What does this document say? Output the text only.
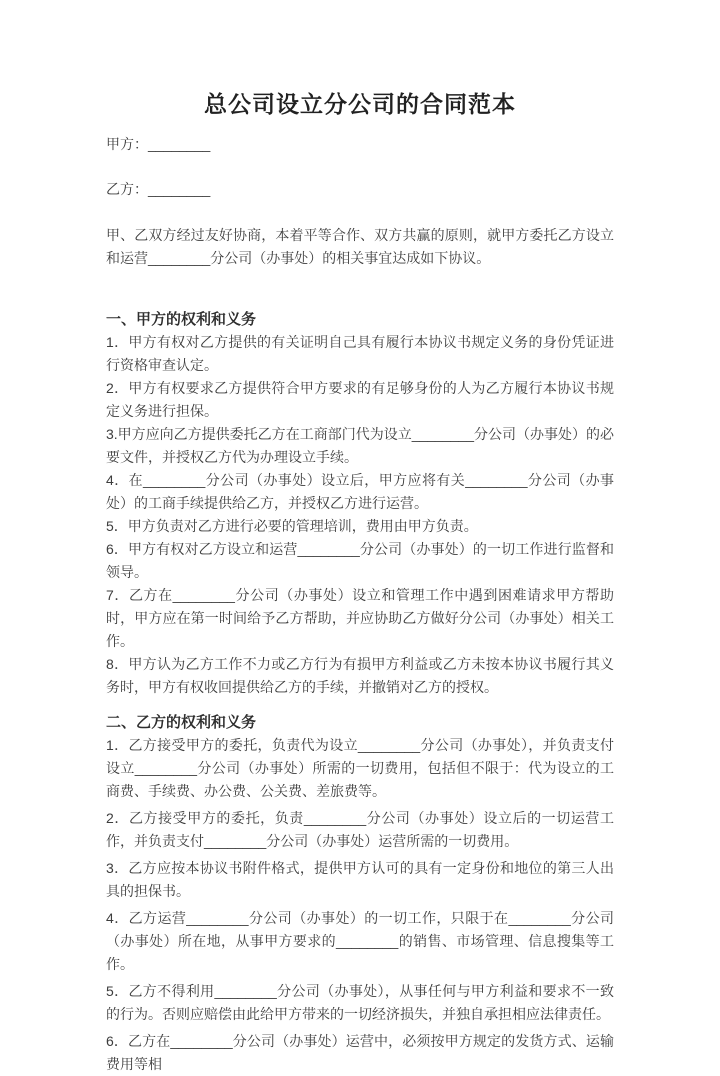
总公司设立分公司的合同范本

甲方：________

乙方：________

甲、乙双方经过友好协商，本着平等合作、双方共赢的原则，就甲方委托乙方设立和运营________分公司（办事处）的相关事宜达成如下协议。

一、甲方的权利和义务

1．甲方有权对乙方提供的有关证明自己具有履行本协议书规定义务的身份凭证进行资格审查认定。

2．甲方有权要求乙方提供符合甲方要求的有足够身份的人为乙方履行本协议书规定义务进行担保。

3.甲方应向乙方提供委托乙方在工商部门代为设立________分公司（办事处）的必要文件，并授权乙方代为办理设立手续。

4．在________分公司（办事处）设立后，甲方应将有关________分公司（办事处）的工商手续提供给乙方，并授权乙方进行运营。

5．甲方负责对乙方进行必要的管理培训，费用由甲方负责。

6．甲方有权对乙方设立和运营________分公司（办事处）的一切工作进行监督和领导。

7．乙方在________分公司（办事处）设立和管理工作中遇到困难请求甲方帮助时，甲方应在第一时间给予乙方帮助，并应协助乙方做好分公司（办事处）相关工作。

8．甲方认为乙方工作不力或乙方行为有损甲方利益或乙方未按本协议书履行其义务时，甲方有权收回提供给乙方的手续，并撤销对乙方的授权。

二、乙方的权利和义务

1．乙方接受甲方的委托，负责代为设立________分公司（办事处），并负责支付设立________分公司（办事处）所需的一切费用，包括但不限于：代为设立的工商费、手续费、办公费、公关费、差旅费等。

2．乙方接受甲方的委托，负责________分公司（办事处）设立后的一切运营工作，并负责支付________分公司（办事处）运营所需的一切费用。

3．乙方应按本协议书附件格式，提供甲方认可的具有一定身份和地位的第三人出具的担保书。

4．乙方运营________分公司（办事处）的一切工作，只限于在________分公司（办事处）所在地，从事甲方要求的________的销售、市场管理、信息搜集等工作。

5．乙方不得利用________分公司（办事处），从事任何与甲方利益和要求不一致的行为。否则应赔偿由此给甲方带来的一切经济损失，并独自承担相应法律责任。

6．乙方在________分公司（办事处）运营中，必须按甲方规定的发货方式、运输费用等相
